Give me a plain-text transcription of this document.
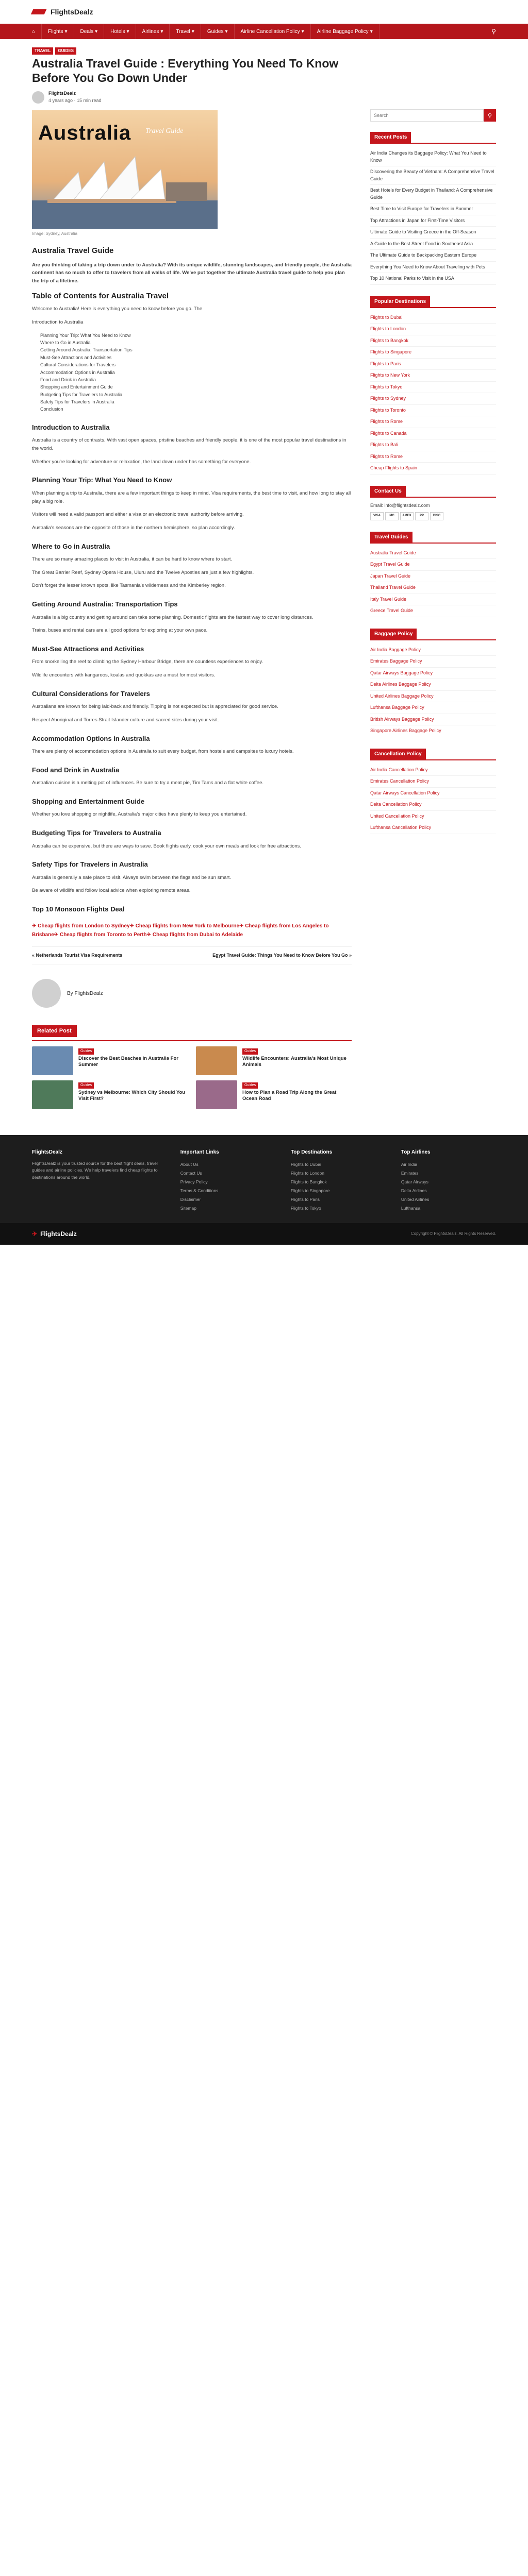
FlightsDealz
⌂	Flights ▾	Deals ▾	Hotels ▾	Airlines ▾	Travel ▾	Guides ▾	Airline Cancellation Policy ▾	Airline Baggage Policy ▾	⚲
TRAVEL	GUIDES
Australia Travel Guide : Everything You Need To Know Before You Go Down Under
FlightsDealz
4 years ago · 15 min read
Australia Travel Guide
Image: Sydney, Australia
Australia Travel Guide

Are you thinking of taking a trip down under to Australia? With its unique wildlife, stunning landscapes, and friendly people, the Australia continent has so much to offer to travelers from all walks of life. We've put together the ultimate Australia travel guide to help you plan the trip of a lifetime.

Table of Contents for Australia Travel

Welcome to Australia! Here is everything you need to know before you go. The

Introduction to Australia

Planning Your Trip: What You Need to Know
Where to Go in Australia
Getting Around Australia: Transportation Tips
Must-See Attractions and Activities
Cultural Considerations for Travelers
Accommodation Options in Australia
Food and Drink in Australia
Shopping and Entertainment Guide
Budgeting Tips for Travelers to Australia
Safety Tips for Travelers in Australia
Conclusion
Introduction to Australia

Australia is a country of contrasts. With vast open spaces, pristine beaches and friendly people, it is one of the most popular travel destinations in the world.

Whether you're looking for adventure or relaxation, the land down under has something for everyone.

Planning Your Trip: What You Need to Know

When planning a trip to Australia, there are a few important things to keep in mind. Visa requirements, the best time to visit, and how long to stay all play a big role.

Visitors will need a valid passport and either a visa or an electronic travel authority before arriving.

Australia's seasons are the opposite of those in the northern hemisphere, so plan accordingly.

Where to Go in Australia

There are so many amazing places to visit in Australia, it can be hard to know where to start.

The Great Barrier Reef, Sydney Opera House, Uluru and the Twelve Apostles are just a few highlights.

Don't forget the lesser known spots, like Tasmania's wilderness and the Kimberley region.

Getting Around Australia: Transportation Tips

Australia is a big country and getting around can take some planning. Domestic flights are the fastest way to cover long distances.

Trains, buses and rental cars are all good options for exploring at your own pace.

Must-See Attractions and Activities

From snorkelling the reef to climbing the Sydney Harbour Bridge, there are countless experiences to enjoy.

Wildlife encounters with kangaroos, koalas and quokkas are a must for most visitors.

Cultural Considerations for Travelers

Australians are known for being laid-back and friendly. Tipping is not expected but is appreciated for good service.

Respect Aboriginal and Torres Strait Islander culture and sacred sites during your visit.

Accommodation Options in Australia

There are plenty of accommodation options in Australia to suit every budget, from hostels and campsites to luxury hotels.

Food and Drink in Australia

Australian cuisine is a melting pot of influences. Be sure to try a meat pie, Tim Tams and a flat white coffee.

Shopping and Entertainment Guide

Whether you love shopping or nightlife, Australia's major cities have plenty to keep you entertained.

Budgeting Tips for Travelers to Australia

Australia can be expensive, but there are ways to save. Book flights early, cook your own meals and look for free attractions.

Safety Tips for Travelers in Australia

Australia is generally a safe place to visit. Always swim between the flags and be sun smart.

Be aware of wildlife and follow local advice when exploring remote areas.

Top 10 Monsoon Flights Deal
✈ Cheap flights from London to Sydney ✈ Cheap flights from New York to Melbourne ✈ Cheap flights from Los Angeles to Brisbane ✈ Cheap flights from Toronto to Perth ✈ Cheap flights from Dubai to Adelaide
« Netherlands Tourist Visa Requirements	Egypt Travel Guide: Things You Need to Know Before You Go »
By FlightsDealz
Related Post
Guides
Discover the Best Beaches in Australia For Summer
Guides
Sydney vs Melbourne: Which City Should You Visit First?
Guides
Wildlife Encounters: Australia's Most Unique Animals
Guides
How to Plan a Road Trip Along the Great Ocean Road
Search
⚲
Recent Posts
Air India Changes its Baggage Policy: What You Need to Know
Discovering the Beauty of Vietnam: A Comprehensive Travel Guide
Best Hotels for Every Budget in Thailand: A Comprehensive Guide
Best Time to Visit Europe for Travelers in Summer
Top Attractions in Japan for First-Time Visitors
Ultimate Guide to Visiting Greece in the Off-Season
A Guide to the Best Street Food in Southeast Asia
The Ultimate Guide to Backpacking Eastern Europe
Everything You Need to Know About Traveling with Pets
Top 10 National Parks to Visit in the USA
Popular Destinations
Flights to Dubai
Flights to London
Flights to Bangkok
Flights to Singapore
Flights to Paris
Flights to New York
Flights to Tokyo
Flights to Sydney
Flights to Toronto
Flights to Rome
Flights to Canada
Flights to Bali
Flights to Rome
Cheap Flights to Spain
Contact Us
Email: info@flightsdealz.com
VISA	MC	AMEX	PP	DISC
Travel Guides
Australia Travel Guide
Egypt Travel Guide
Japan Travel Guide
Thailand Travel Guide
Italy Travel Guide
Greece Travel Guide
Baggage Policy
Air India Baggage Policy
Emirates Baggage Policy
Qatar Airways Baggage Policy
Delta Airlines Baggage Policy
United Airlines Baggage Policy
Lufthansa Baggage Policy
British Airways Baggage Policy
Singapore Airlines Baggage Policy
Cancellation Policy
Air India Cancellation Policy
Emirates Cancellation Policy
Qatar Airways Cancellation Policy
Delta Cancellation Policy
United Cancellation Policy
Lufthansa Cancellation Policy
FlightsDealz
FlightsDealz is your trusted source for the best flight deals, travel guides and airline policies. We help travelers find cheap flights to destinations around the world.
Important Links
About Us
Contact Us
Privacy Policy
Terms & Conditions
Disclaimer
Sitemap
Top Destinations
Flights to Dubai
Flights to London
Flights to Bangkok
Flights to Singapore
Flights to Paris
Flights to Tokyo
Top Airlines
Air India
Emirates
Qatar Airways
Delta Airlines
United Airlines
Lufthansa
✈ FlightsDealz	Copyright © FlightsDealz. All Rights Reserved.
